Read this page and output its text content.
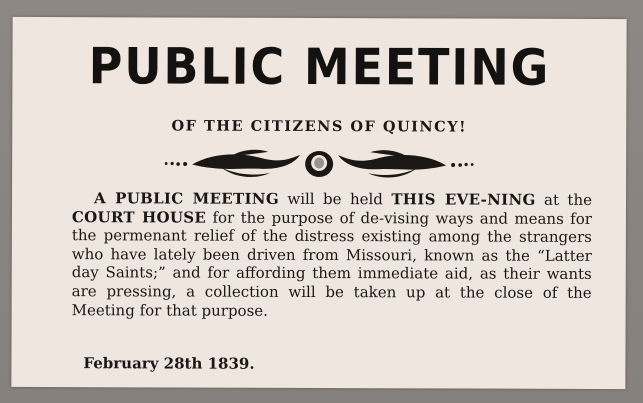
PUBLIC MEETING
OF THE CITIZENS OF QUINCY!
A PUBLIC MEETING will be held THIS EVE-NING at the COURT HOUSE for the purpose of de-vising ways and means for the permenant relief of the distress existing among the strangers who have lately been driven from Missouri, known as the “Latter day Saints;” and for affording them immediate aid, as their wants are pressing, a collection will be taken up at the close of the Meeting for that purpose.
February 28th 1839.
